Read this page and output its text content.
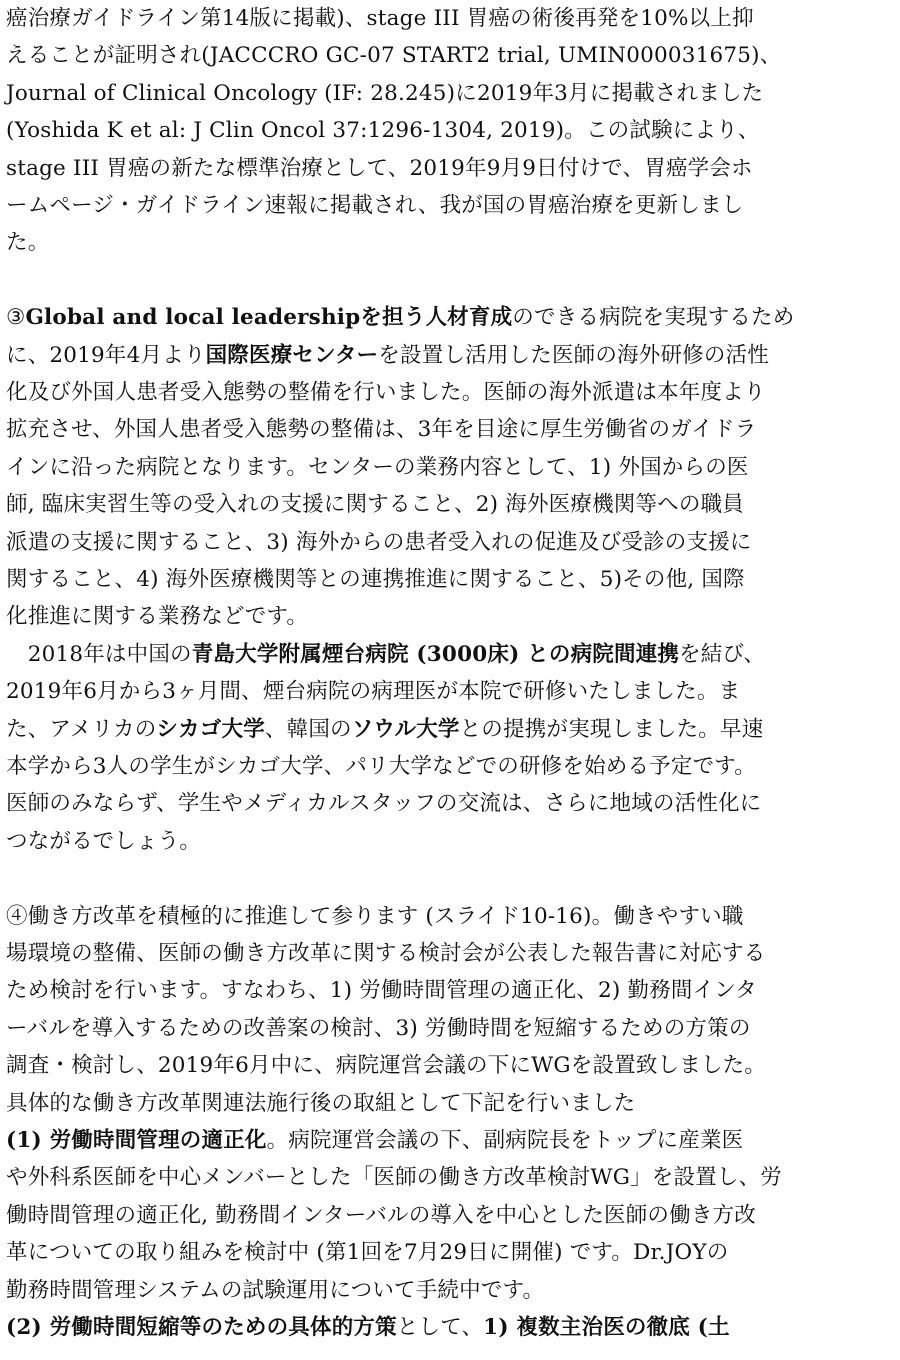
癌治療ガイドライン第14版に掲載)、stage III 胃癌の術後再発を10%以上抑
えることが証明され(JACCCRO GC-07 START2 trial, UMIN000031675)、
Journal of Clinical Oncology (IF: 28.245)に2019年3月に掲載されました
(Yoshida K et al: J Clin Oncol 37:1296-1304, 2019)。この試験により、
stage III 胃癌の新たな標準治療として、2019年9月9日付けで、胃癌学会ホ
ームページ・ガイドライン速報に掲載され、我が国の胃癌治療を更新しまし
た。
③Global and local leadershipを担う人材育成のできる病院を実現するため
に、2019年4月より国際医療センターを設置し活用した医師の海外研修の活性
化及び外国人患者受入態勢の整備を行いました。医師の海外派遣は本年度より
拡充させ、外国人患者受入態勢の整備は、3年を目途に厚生労働省のガイドラ
インに沿った病院となります。センターの業務内容として、1) 外国からの医
師, 臨床実習生等の受入れの支援に関すること、2) 海外医療機関等への職員
派遣の支援に関すること、3) 海外からの患者受入れの促進及び受診の支援に
関すること、4) 海外医療機関等との連携推進に関すること、5)その他, 国際
化推進に関する業務などです。
　2018年は中国の青島大学附属煙台病院 (3000床) との病院間連携を結び、
2019年6月から3ヶ月間、煙台病院の病理医が本院で研修いたしました。ま
た、アメリカのシカゴ大学、韓国のソウル大学との提携が実現しました。早速
本学から3人の学生がシカゴ大学、パリ大学などでの研修を始める予定です。
医師のみならず、学生やメディカルスタッフの交流は、さらに地域の活性化に
つながるでしょう。
④働き方改革を積極的に推進して参ります (スライド10-16)。働きやすい職
場環境の整備、医師の働き方改革に関する検討会が公表した報告書に対応する
ため検討を行います。すなわち、1) 労働時間管理の適正化、2) 勤務間インタ
ーバルを導入するための改善案の検討、3) 労働時間を短縮するための方策の
調査・検討し、2019年6月中に、病院運営会議の下にWGを設置致しました。
具体的な働き方改革関連法施行後の取組として下記を行いました
(1) 労働時間管理の適正化。病院運営会議の下、副病院長をトップに産業医
や外科系医師を中心メンバーとした「医師の働き方改革検討WG」を設置し、労
働時間管理の適正化, 勤務間インターバルの導入を中心とした医師の働き方改
革についての取り組みを検討中 (第1回を7月29日に開催) です。Dr.JOYの
勤務時間管理システムの試験運用について手続中です。
(2) 労働時間短縮等のための具体的方策として、1) 複数主治医の徹底 (土
